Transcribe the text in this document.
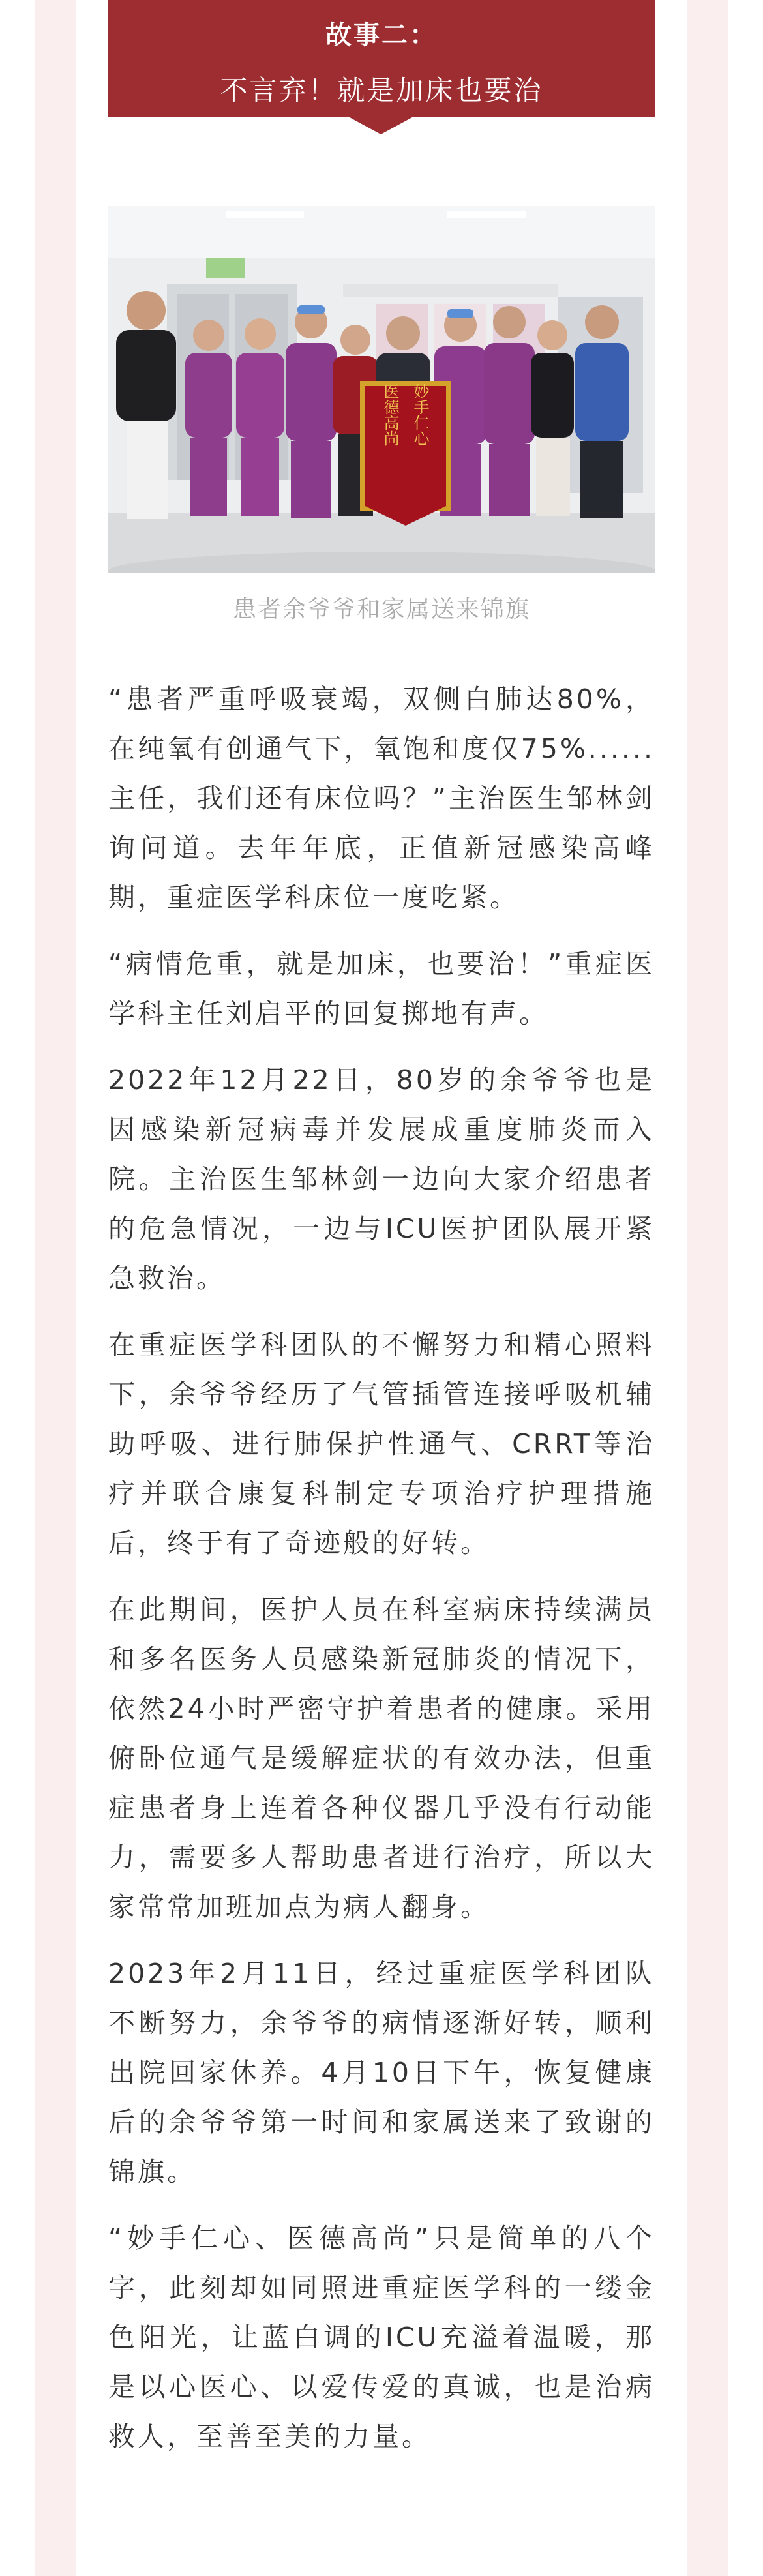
故事二：
不言弃！就是加床也要治
妙手仁心
医德高尚
患者余爷爷和家属送来锦旗

“患者严重呼吸衰竭，双侧白肺达80%，在纯氧有创通气下，氧饱和度仅75%......主任，我们还有床位吗？”主治医生邹林剑询问道。去年年底，正值新冠感染高峰期，重症医学科床位一度吃紧。

“病情危重，就是加床，也要治！”重症医学科主任刘启平的回复掷地有声。

2022年12月22日，80岁的余爷爷也是因感染新冠病毒并发展成重度肺炎而入院。主治医生邹林剑一边向大家介绍患者的危急情况，一边与ICU医护团队展开紧急救治。

在重症医学科团队的不懈努力和精心照料下，余爷爷经历了气管插管连接呼吸机辅助呼吸、进行肺保护性通气、CRRT等治疗并联合康复科制定专项治疗护理措施后，终于有了奇迹般的好转。

在此期间，医护人员在科室病床持续满员和多名医务人员感染新冠肺炎的情况下，依然24小时严密守护着患者的健康。采用俯卧位通气是缓解症状的有效办法，但重症患者身上连着各种仪器几乎没有行动能力，需要多人帮助患者进行治疗，所以大家常常加班加点为病人翻身。

2023年2月11日，经过重症医学科团队不断努力，余爷爷的病情逐渐好转，顺利出院回家休养。4月10日下午，恢复健康后的余爷爷第一时间和家属送来了致谢的锦旗。

“妙手仁心、医德高尚”只是简单的八个字，此刻却如同照进重症医学科的一缕金色阳光，让蓝白调的ICU充溢着温暖，那是以心医心、以爱传爱的真诚，也是治病救人，至善至美的力量。
